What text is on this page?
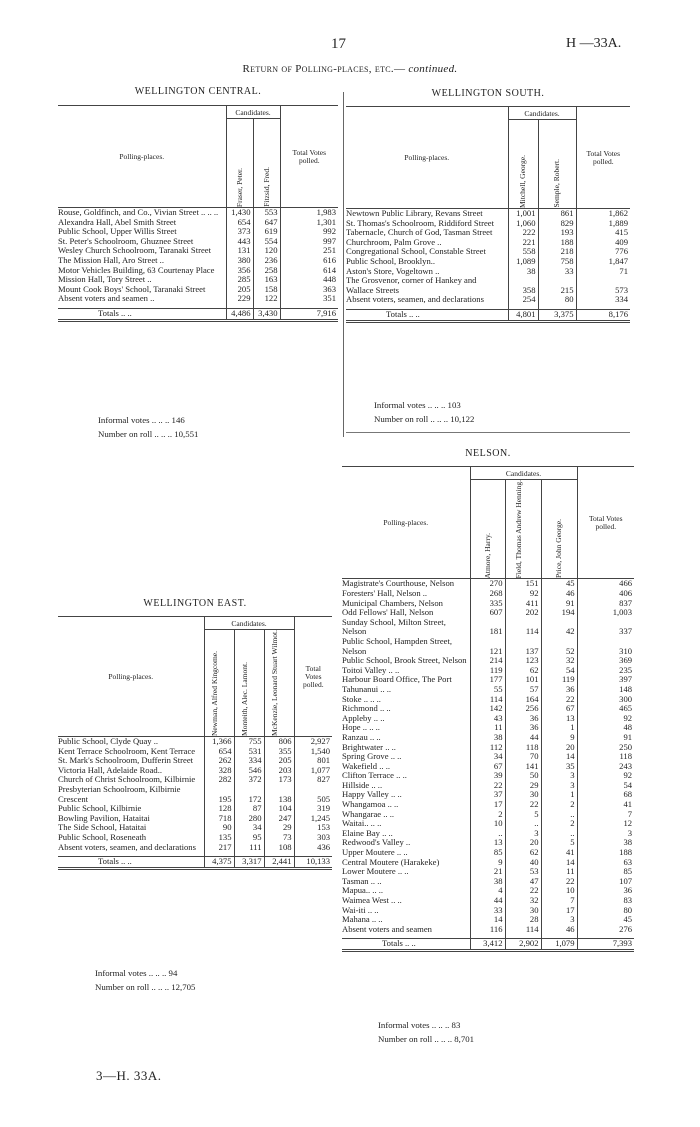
17	H —33A.
Return of Polling-places, etc.— continued.
WELLINGTON CENTRAL.
Polling-places.	Candidates.		Total Votes polled.

	Fraser, Peter.	Fitzsid, Fred.	

Rouse, Goldfinch, and Co., Vivian Street .. .. ..	1,430	553	1,983
Alexandra Hall, Abel Smith Street	654	647	1,301
Public School, Upper Willis Street	373	619	992
St. Peter's Schoolroom, Ghuznee Street	443	554	997
Wesley Church Schoolroom, Taranaki Street	131	120	251
The Mission Hall, Aro Street ..	380	236	616
Motor Vehicles Building, 63 Courtenay Place	356	258	614
Mission Hall, Tory Street ..	285	163	448
Mount Cook Boys' School, Taranaki Street	205	158	363
Absent voters and seamen ..	229	122	351

Totals .. ..	4,486	3,430	7,916
Informal votes .. .. .. 146
Number on roll .. .. .. 10,551
WELLINGTON SOUTH.
Polling-places.	Candidates.		Total Votes polled.

	Mitchell, George.	Semple, Robert.	

Newtown Public Library, Revans Street	1,001	861	1,862
St. Thomas's Schoolroom, Riddiford Street	1,060	829	1,889
Tabernacle, Church of God, Tasman Street	222	193	415
Churchroom, Palm Grove ..	221	188	409
Congregational School, Constable Street	558	218	776
Public School, Brooklyn..	1,089	758	1,847
Aston's Store, Vogeltown ..	38	33	71
The Grosvenor, corner of Hankey and Wallace Streets	358	215	573
Absent voters, seamen, and declarations	254	80	334

Totals .. ..	4,801	3,375	8,176
Informal votes .. .. .. 103
Number on roll .. .. .. 10,122
NELSON.
Polling-places.	Candidates.			Total Votes polled.

	Atmore, Harry.	Field, Thomas Andrew Henning.	Price, John George.	

Magistrate's Courthouse, Nelson	270	151	45	466
Foresters' Hall, Nelson ..	268	92	46	406
Municipal Chambers, Nelson	335	411	91	837
Odd Fellows' Hall, Nelson	607	202	194	1,003
Sunday School, Milton Street, Nelson	181	114	42	337
Public School, Hampden Street, Nelson	121	137	52	310
Public School, Brook Street, Nelson	214	123	32	369
Toitoi Valley .. ..	119	62	54	235
Harbour Board Office, The Port	177	101	119	397
Tahunanui .. ..	55	57	36	148
Stoke .. .. ..	114	164	22	300
Richmond .. ..	142	256	67	465
Appleby .. ..	43	36	13	92
Hope .. .. ..	11	36	1	48
Ranzau .. ..	38	44	9	91
Brightwater .. ..	112	118	20	250
Spring Grove .. ..	34	70	14	118
Wakefield .. ..	67	141	35	243
Clifton Terrace .. ..	39	50	3	92
Hillside .. ..	22	29	3	54
Happy Valley .. ..	37	30	1	68
Whangamoa .. ..	17	22	2	41
Whangarae .. ..	2	5	..	7
Waitai.. .. ..	10	..	2	12
Elaine Bay .. ..	..	3	..	3
Redwood's Valley ..	13	20	5	38
Upper Moutere .. ..	85	62	41	188
Central Moutere (Harakeke)	9	40	14	63
Lower Moutere .. ..	21	53	11	85
Tasman .. ..	38	47	22	107
Mapua.. .. ..	4	22	10	36
Waimea West .. ..	44	32	7	83
Wai-iti .. ..	33	30	17	80
Mahana .. ..	14	28	3	45
Absent voters and seamen	116	114	46	276

Totals .. ..	3,412	2,902	1,079	7,393
Informal votes .. .. .. 83
Number on roll .. .. .. 8,701
WELLINGTON EAST.
Polling-places.	Candidates.			Total Votes polled.

	Newman, Alfred Kingcome.	Monteith, Alec. Lamont.	McKenzie, Leonard Stuart Wilmot.	

Public School, Clyde Quay ..	1,366	755	806	2,927
Kent Terrace Schoolroom, Kent Terrace	654	531	355	1,540
St. Mark's Schoolroom, Dufferin Street	262	334	205	801
Victoria Hall, Adelaide Road..	328	546	203	1,077
Church of Christ Schoolroom, Kilbirnie	282	372	173	827
Presbyterian Schoolroom, Kilbirnie Crescent	195	172	138	505
Public School, Kilbirnie	128	87	104	319
Bowling Pavilion, Hataitai	718	280	247	1,245
The Side School, Hataitai	90	34	29	153
Public School, Roseneath	135	95	73	303
Absent voters, seamen, and declarations	217	111	108	436

Totals .. ..	4,375	3,317	2,441	10,133
Informal votes .. .. .. 94
Number on roll .. .. .. 12,705
3—H. 33A.
